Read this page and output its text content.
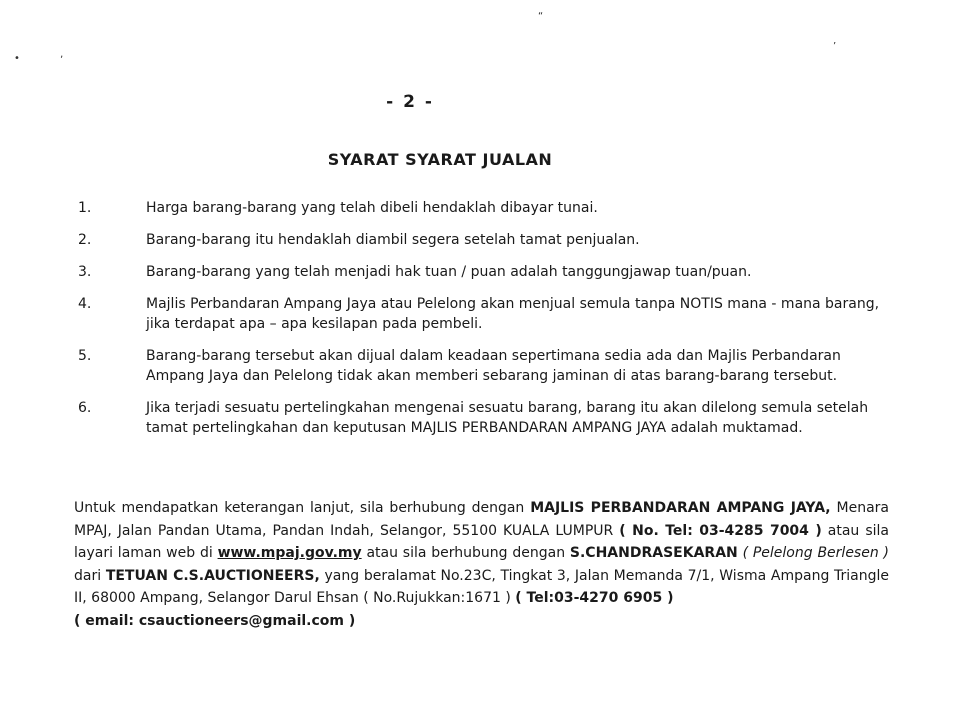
“
•	‚
’
- 2 -
SYARAT SYARAT JUALAN
1.	Harga barang-barang yang telah dibeli hendaklah dibayar tunai.
2.	Barang-barang itu hendaklah diambil segera setelah tamat penjualan.
3.	Barang-barang yang telah menjadi hak tuan / puan adalah tanggungjawap tuan/puan.
4.	Majlis Perbandaran Ampang Jaya atau Pelelong akan menjual semula tanpa NOTIS mana - mana barang, jika terdapat apa – apa kesilapan pada pembeli.
5.	Barang-barang tersebut akan dijual dalam keadaan sepertimana sedia ada dan Majlis Perbandaran Ampang Jaya dan Pelelong tidak akan memberi sebarang jaminan di atas barang-barang tersebut.
6.	Jika terjadi sesuatu pertelingkahan mengenai sesuatu barang, barang itu akan dilelong semula setelah tamat pertelingkahan dan keputusan MAJLIS PERBANDARAN AMPANG JAYA adalah muktamad.
Untuk mendapatkan keterangan lanjut, sila berhubung dengan MAJLIS PERBANDARAN AMPANG JAYA, Menara MPAJ, Jalan Pandan Utama, Pandan Indah, Selangor, 55100 KUALA LUMPUR ( No. Tel: 03-4285 7004 ) atau sila layari laman web di www.mpaj.gov.my atau sila berhubung dengan S.CHANDRASEKARAN ( Pelelong Berlesen ) dari TETUAN C.S.AUCTIONEERS, yang beralamat No.23C, Tingkat 3, Jalan Memanda 7/1, Wisma Ampang Triangle II, 68000 Ampang, Selangor Darul Ehsan ( No.Rujukkan:1671 ) ( Tel:03-4270 6905 )
( email: csauctioneers@gmail.com )
